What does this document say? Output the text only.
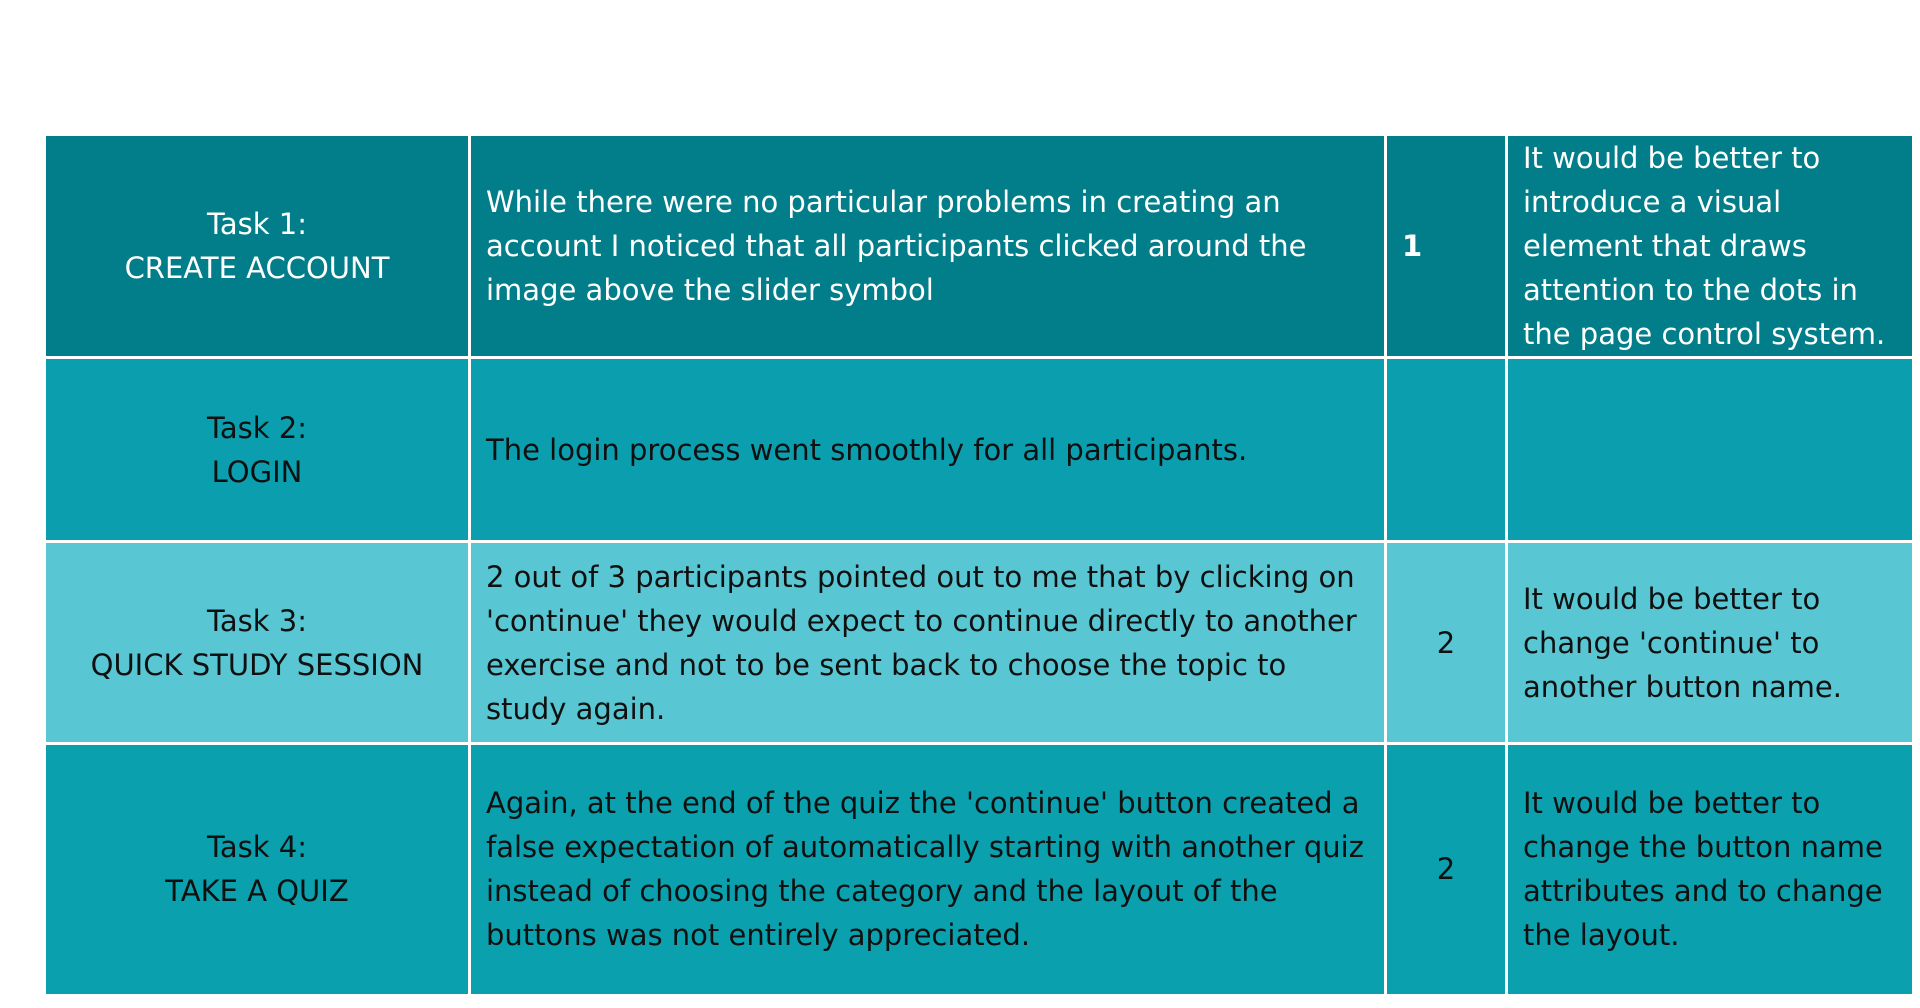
Task 1:
CREATE ACCOUNT	While there were no particular problems in creating an account I noticed that all participants clicked around the image above the slider symbol	1	It would be better to introduce a visual element that draws attention to the dots in the page control system.

Task 2:
LOGIN	The login process went smoothly for all participants.		

Task 3:
QUICK STUDY SESSION	2 out of 3 participants pointed out to me that by clicking on 'continue' they would expect to continue directly to another exercise and not to be sent back to choose the topic to study again.	2	It would be better to change 'continue' to another button name.

Task 4:
TAKE A QUIZ	Again, at the end of the quiz the 'continue' button created a false expectation of automatically starting with another quiz instead of choosing the category and the layout of the buttons was not entirely appreciated.	2	It would be better to change the button name attributes and to change the layout.
